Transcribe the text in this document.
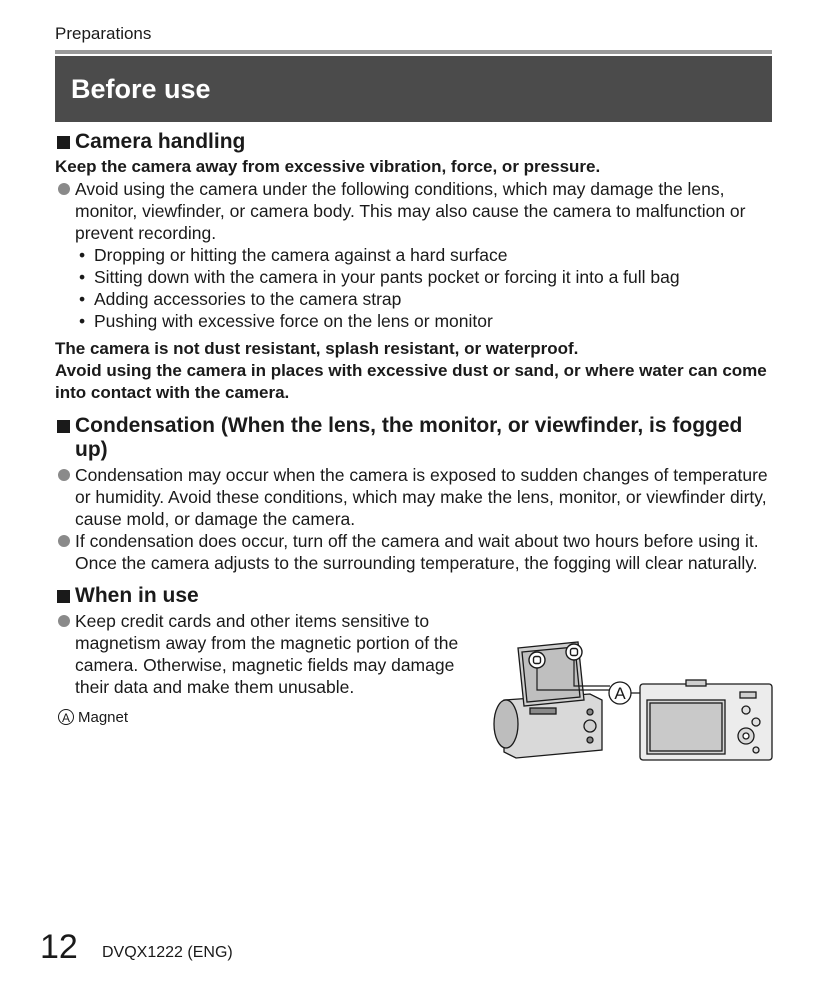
Preparations
Before use
Camera handling
Keep the camera away from excessive vibration, force, or pressure.
Avoid using the camera under the following conditions, which may damage the lens, monitor, viewfinder, or camera body. This may also cause the camera to malfunction or prevent recording.
• Dropping or hitting the camera against a hard surface
• Sitting down with the camera in your pants pocket or forcing it into a full bag
• Adding accessories to the camera strap
• Pushing with excessive force on the lens or monitor
The camera is not dust resistant, splash resistant, or waterproof.
Avoid using the camera in places with excessive dust or sand, or where water can come into contact with the camera.
Condensation (When the lens, the monitor, or viewfinder, is fogged up)
Condensation may occur when the camera is exposed to sudden changes of temperature or humidity. Avoid these conditions, which may make the lens, monitor, or viewfinder dirty, cause mold, or damage the camera.
If condensation does occur, turn off the camera and wait about two hours before using it. Once the camera adjusts to the surrounding temperature, the fogging will clear naturally.
When in use
Keep credit cards and other items sensitive to magnetism away from the magnetic portion of the camera. Otherwise, magnetic fields may damage their data and make them unusable.
A Magnet
A
12 DVQX1222 (ENG)
